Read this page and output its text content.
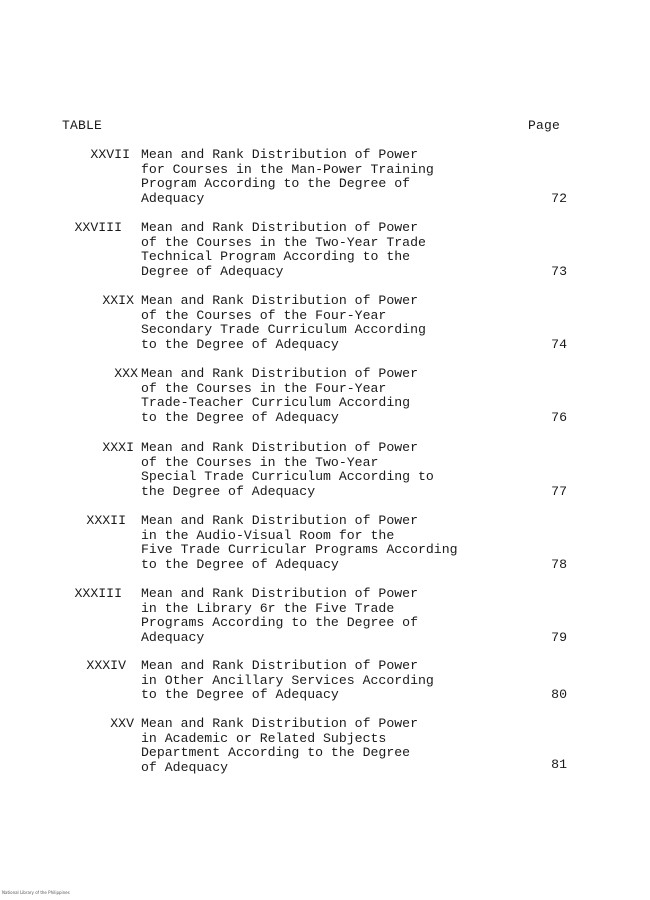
TABLE	Page
XXVII Mean and Rank Distribution of Power
for Courses in the Man-Power Training
Program According to the Degree of
Adequacy	72
XXVIII Mean and Rank Distribution of Power
of the Courses in the Two-Year Trade
Technical Program According to the
Degree of Adequacy	73
XXIX Mean and Rank Distribution of Power
of the Courses of the Four-Year
Secondary Trade Curriculum According
to the Degree of Adequacy	74
XXX Mean and Rank Distribution of Power
of the Courses in the Four-Year
Trade-Teacher Curriculum According
to the Degree of Adequacy	76
XXXI Mean and Rank Distribution of Power
of the Courses in the Two-Year
Special Trade Curriculum According to
the Degree of Adequacy	77
XXXII Mean and Rank Distribution of Power
in the Audio-Visual Room for the
Five Trade Curricular Programs According
to the Degree of Adequacy	78
XXXIII Mean and Rank Distribution of Power
in the Library 6r the Five Trade
Programs According to the Degree of
Adequacy	79
XXXIV Mean and Rank Distribution of Power
in Other Ancillary Services According
to the Degree of Adequacy	80
XXV Mean and Rank Distribution of Power
in Academic or Related Subjects
Department According to the Degree
of Adequacy	81
National Library of the Philippines
